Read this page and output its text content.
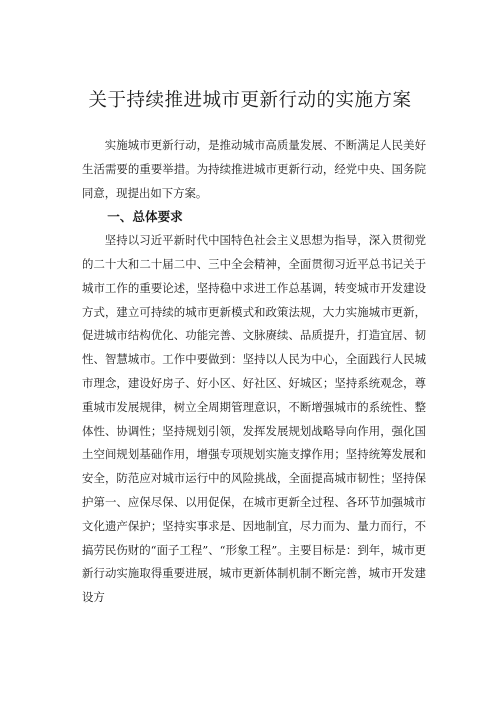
关于持续推进城市更新行动的实施方案

实施城市更新行动，是推动城市高质量发展、不断满足人民美好生活需要的重要举措。为持续推进城市更新行动，经党中央、国务院同意，现提出如下方案。

一、总体要求

坚持以习近平新时代中国特色社会主义思想为指导，深入贯彻党的二十大和二十届二中、三中全会精神，全面贯彻习近平总书记关于城市工作的重要论述，坚持稳中求进工作总基调，转变城市开发建设方式，建立可持续的城市更新模式和政策法规，大力实施城市更新，促进城市结构优化、功能完善、文脉赓续、品质提升，打造宜居、韧性、智慧城市。工作中要做到：坚持以人民为中心，全面践行人民城市理念，建设好房子、好小区、好社区、好城区；坚持系统观念，尊重城市发展规律，树立全周期管理意识，不断增强城市的系统性、整体性、协调性；坚持规划引领，发挥发展规划战略导向作用，强化国土空间规划基础作用，增强专项规划实施支撑作用；坚持统筹发展和安全，防范应对城市运行中的风险挑战，全面提高城市韧性；坚持保护第一、应保尽保、以用促保，在城市更新全过程、各环节加强城市文化遗产保护；坚持实事求是、因地制宜，尽力而为、量力而行，不搞劳民伤财的“面子工程”、“形象工程”。主要目标是：到年，城市更新行动实施取得重要进展，城市更新体制机制不断完善，城市开发建设方
